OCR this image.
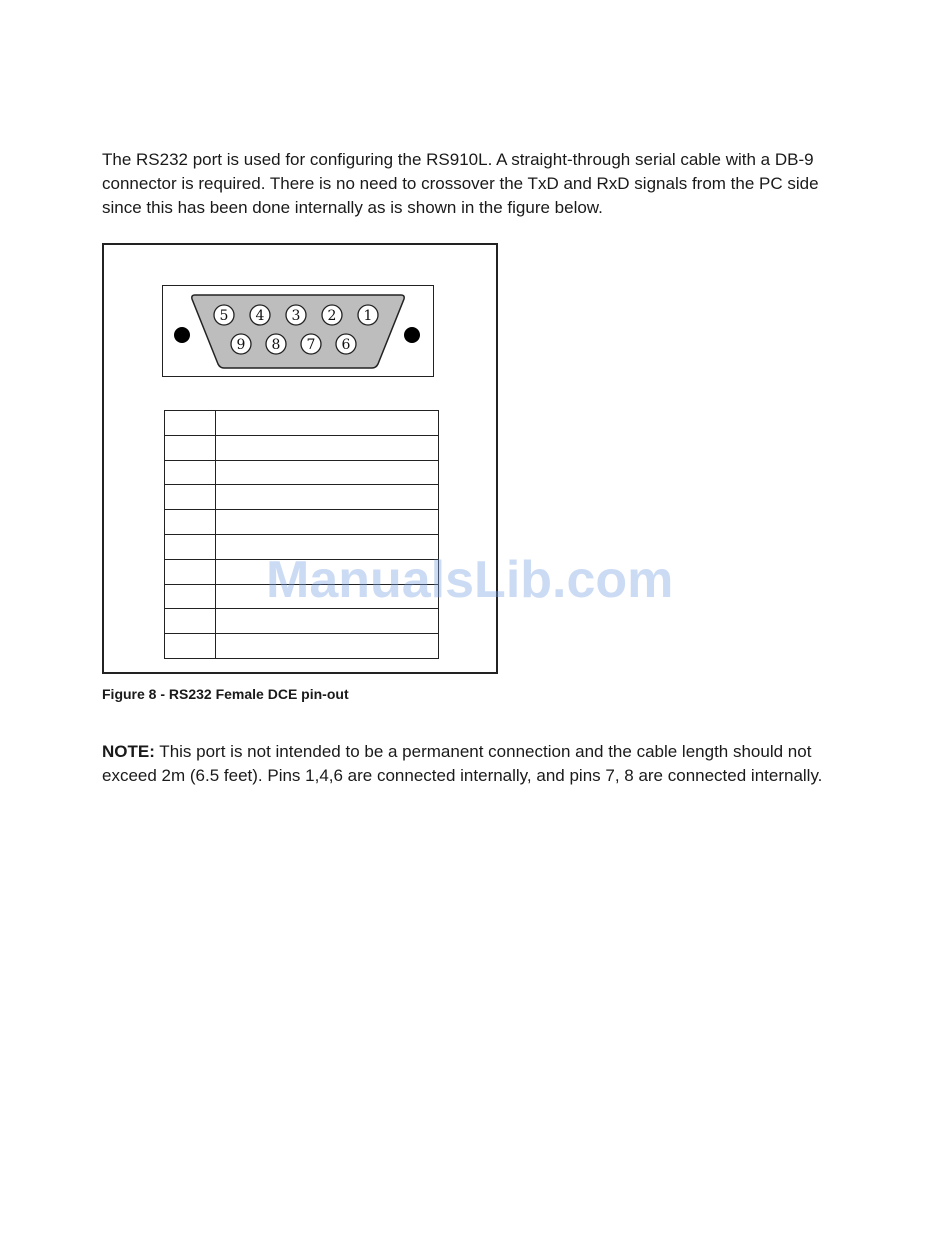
The RS232 port is used for configuring the RS910L. A straight-through serial cable with a DB-9 connector is required. There is no need to crossover the TxD and RxD signals from the PC side since this has been done internally as is shown in the figure below.
5 4 3 2 1
9 8 7 6

Figure 8 - RS232 Female DCE pin-out
NOTE: This port is not intended to be a permanent connection and the cable length should not exceed 2m (6.5 feet). Pins 1,4,6 are connected internally, and pins 7, 8 are connected internally.
ManualsLib.com
